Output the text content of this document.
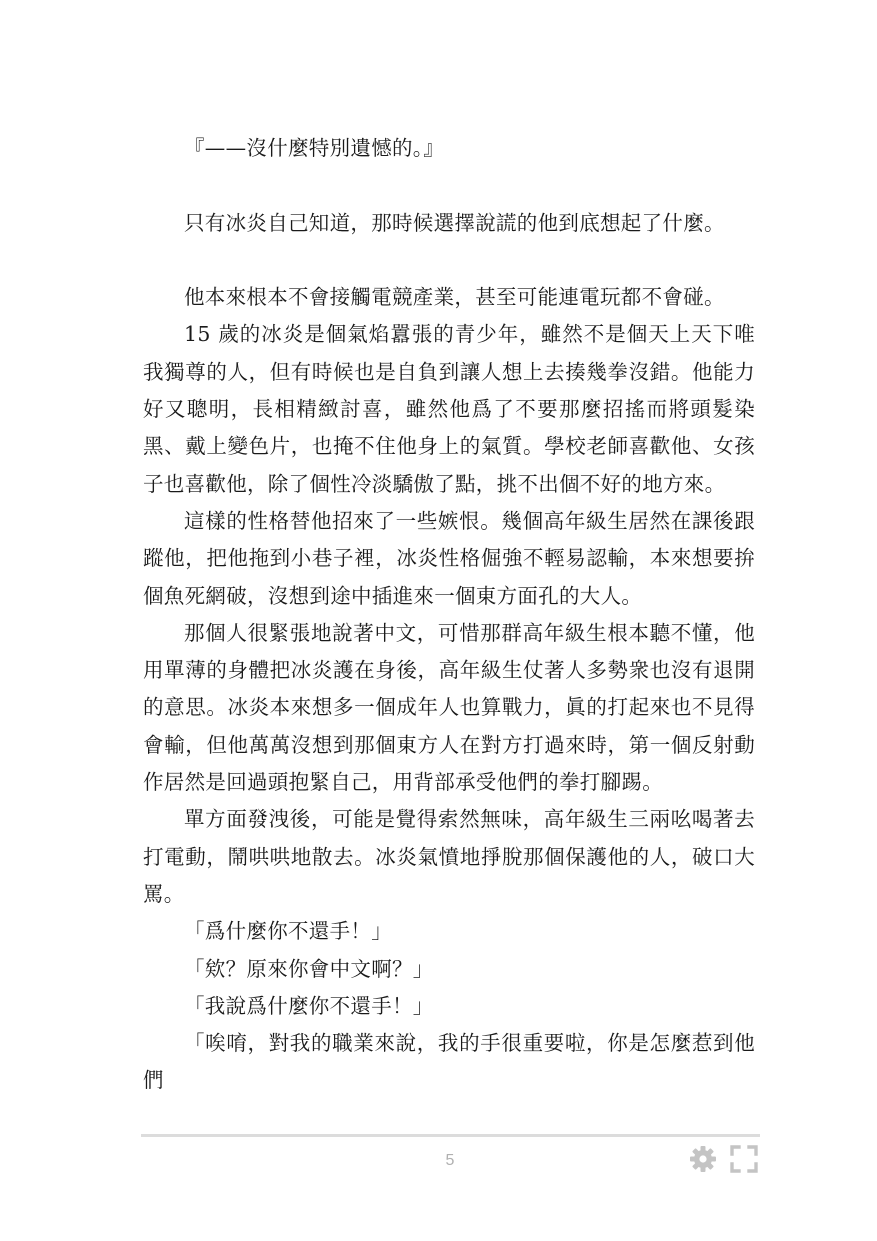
『——沒什麼特別遺憾的。』

只有冰炎自己知道，那時候選擇說謊的他到底想起了什麼。

他本來根本不會接觸電競產業，甚至可能連電玩都不會碰。

15 歲的冰炎是個氣焰囂張的青少年，雖然不是個天上天下唯我獨尊的人，但有時候也是自負到讓人想上去揍幾拳沒錯。他能力好又聰明，長相精緻討喜，雖然他爲了不要那麼招搖而將頭髮染黑、戴上變色片，也掩不住他身上的氣質。學校老師喜歡他、女孩子也喜歡他，除了個性冷淡驕傲了點，挑不出個不好的地方來。

這樣的性格替他招來了一些嫉恨。幾個高年級生居然在課後跟蹤他，把他拖到小巷子裡，冰炎性格倔強不輕易認輸，本來想要拚個魚死網破，沒想到途中插進來一個東方面孔的大人。

那個人很緊張地說著中文，可惜那群高年級生根本聽不懂，他用單薄的身體把冰炎護在身後，高年級生仗著人多勢衆也沒有退開的意思。冰炎本來想多一個成年人也算戰力，眞的打起來也不見得會輸，但他萬萬沒想到那個東方人在對方打過來時，第一個反射動作居然是回過頭抱緊自己，用背部承受他們的拳打腳踢。

單方面發洩後，可能是覺得索然無味，高年級生三兩吆喝著去打電動，鬧哄哄地散去。冰炎氣憤地掙脫那個保護他的人，破口大罵。

「爲什麼你不還手！」

「欸？原來你會中文啊？」

「我說爲什麼你不還手！」

「唉唷，對我的職業來說，我的手很重要啦，你是怎麼惹到他們

5
